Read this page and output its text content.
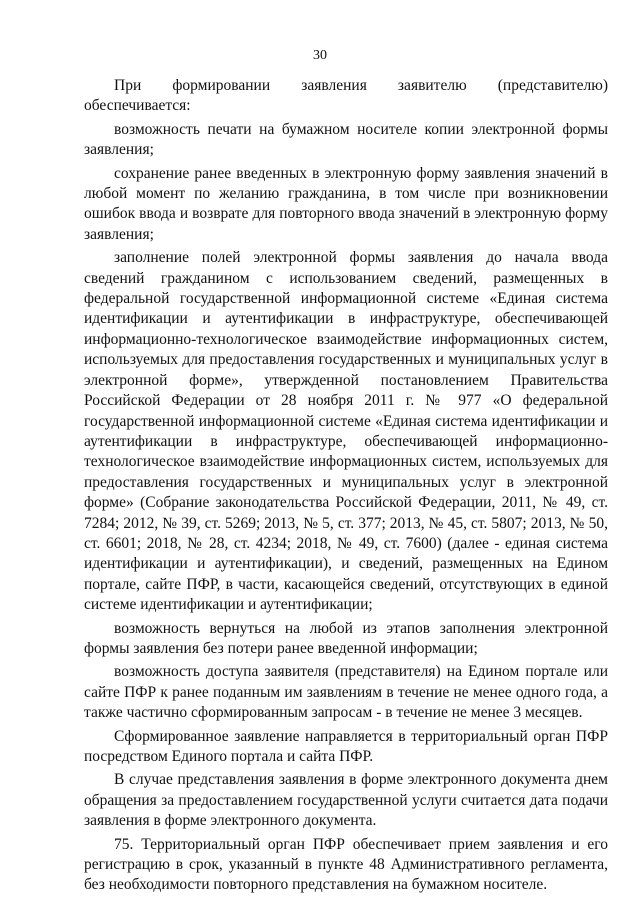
30

При формировании заявления заявителю (представителю) обеспечивается:

возможность печати на бумажном носителе копии электронной формы заявления;

сохранение ранее введенных в электронную форму заявления значений в любой момент по желанию гражданина, в том числе при возникновении ошибок ввода и возврате для повторного ввода значений в электронную форму заявления;

заполнение полей электронной формы заявления до начала ввода сведений гражданином с использованием сведений, размещенных в федеральной государственной информационной системе «Единая система идентификации и аутентификации в инфраструктуре, обеспечивающей информационно-технологическое взаимодействие информационных систем, используемых для предоставления государственных и муниципальных услуг в электронной форме», утвержденной постановлением Правительства Российской Федерации от 28 ноября 2011 г. № 977 «О федеральной государственной информационной системе «Единая система идентификации и аутентификации в инфраструктуре, обеспечивающей информационно-технологическое взаимодействие информационных систем, используемых для предоставления государственных и муниципальных услуг в электронной форме» (Собрание законодательства Российской Федерации, 2011, № 49, ст. 7284; 2012, № 39, ст. 5269; 2013, № 5, ст. 377; 2013, № 45, ст. 5807; 2013, № 50, ст. 6601; 2018, № 28, ст. 4234; 2018, № 49, ст. 7600) (далее - единая система идентификации и аутентификации), и сведений, размещенных на Едином портале, сайте ПФР, в части, касающейся сведений, отсутствующих в единой системе идентификации и аутентификации;

возможность вернуться на любой из этапов заполнения электронной формы заявления без потери ранее введенной информации;

возможность доступа заявителя (представителя) на Едином портале или сайте ПФР к ранее поданным им заявлениям в течение не менее одного года, а также частично сформированным запросам - в течение не менее 3 месяцев.

Сформированное заявление направляется в территориальный орган ПФР посредством Единого портала и сайта ПФР.

В случае представления заявления в форме электронного документа днем обращения за предоставлением государственной услуги считается дата подачи заявления в форме электронного документа.

75. Территориальный орган ПФР обеспечивает прием заявления и его регистрацию в срок, указанный в пункте 48 Административного регламента, без необходимости повторного представления на бумажном носителе.
